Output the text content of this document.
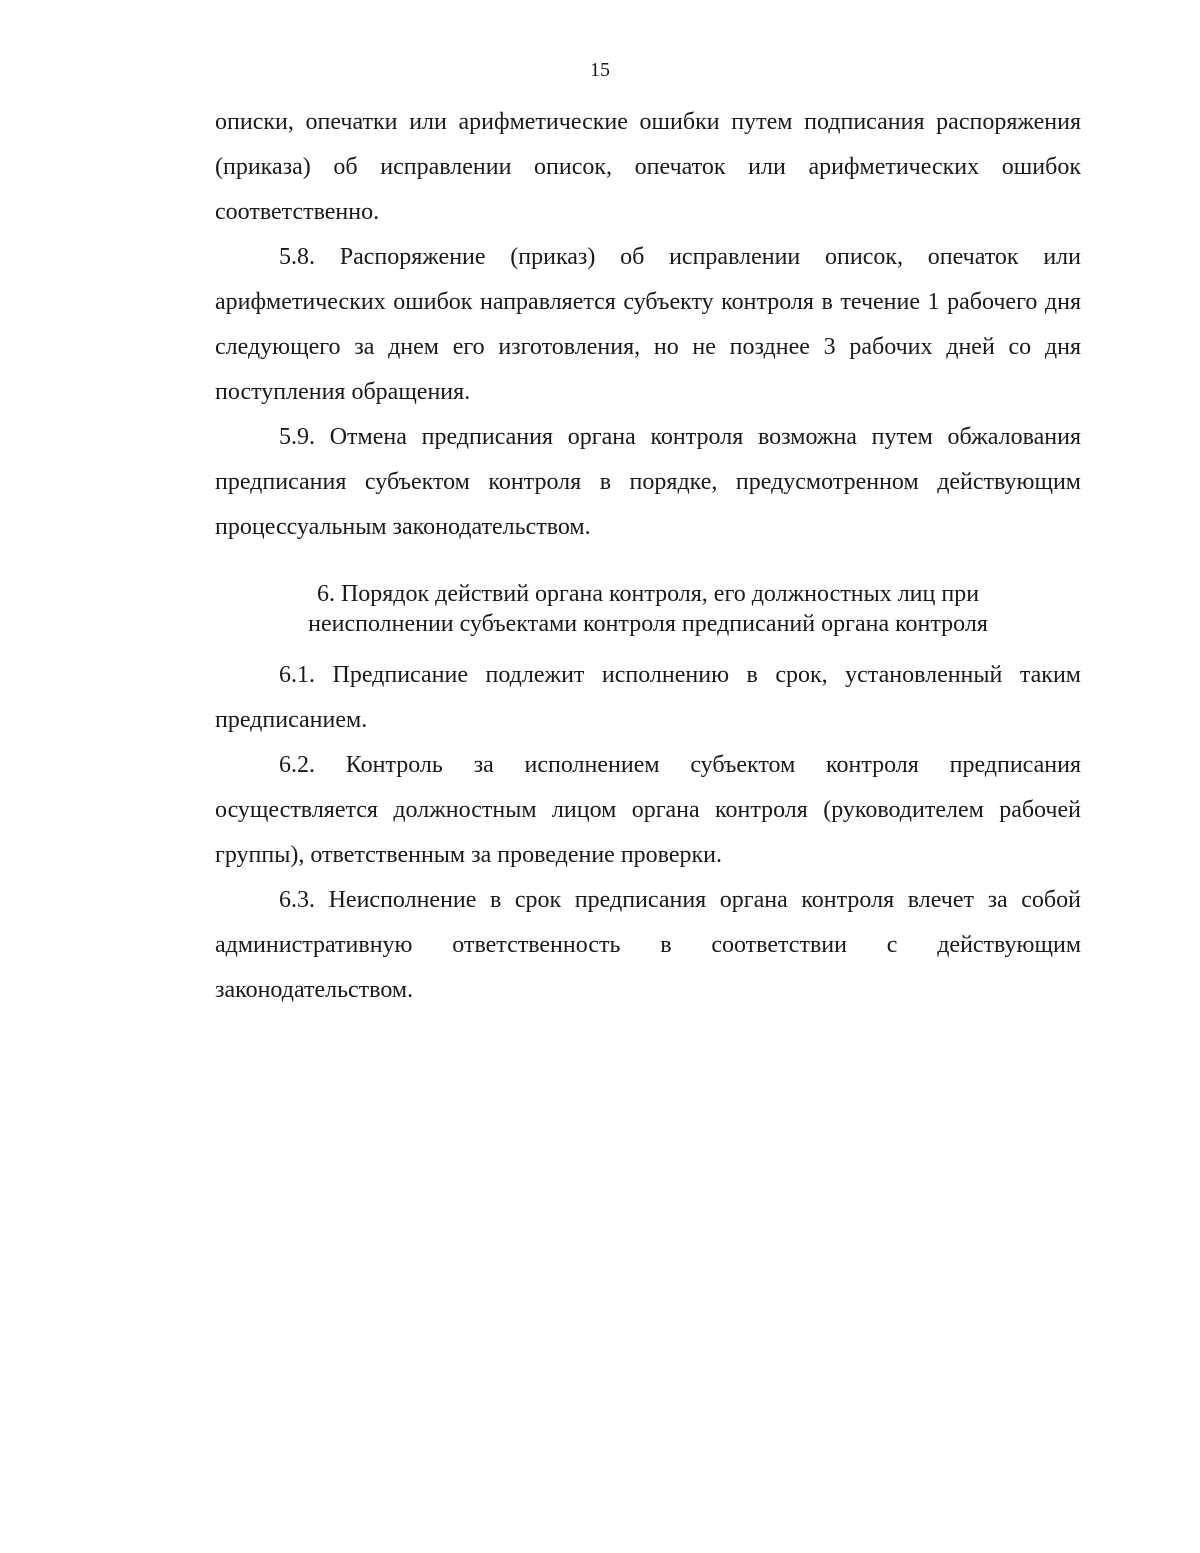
15

описки, опечатки или арифметические ошибки путем подписания распоряжения (приказа) об исправлении описок, опечаток или арифметических ошибок соответственно.

5.8. Распоряжение (приказ) об исправлении описок, опечаток или арифметических ошибок направляется субъекту контроля в течение 1 рабочего дня следующего за днем его изготовления, но не позднее 3 рабочих дней со дня поступления обращения.

5.9. Отмена предписания органа контроля возможна путем обжалования предписания субъектом контроля в порядке, предусмотренном действующим процессуальным законодательством.

6. Порядок действий органа контроля, его должностных лиц при
неисполнении субъектами контроля предписаний органа контроля

6.1. Предписание подлежит исполнению в срок, установленный таким предписанием.

6.2. Контроль за исполнением субъектом контроля предписания осуществляется должностным лицом органа контроля (руководителем рабочей группы), ответственным за проведение проверки.

6.3. Неисполнение в срок предписания органа контроля влечет за собой административную ответственность в соответствии с действующим законодательством.
